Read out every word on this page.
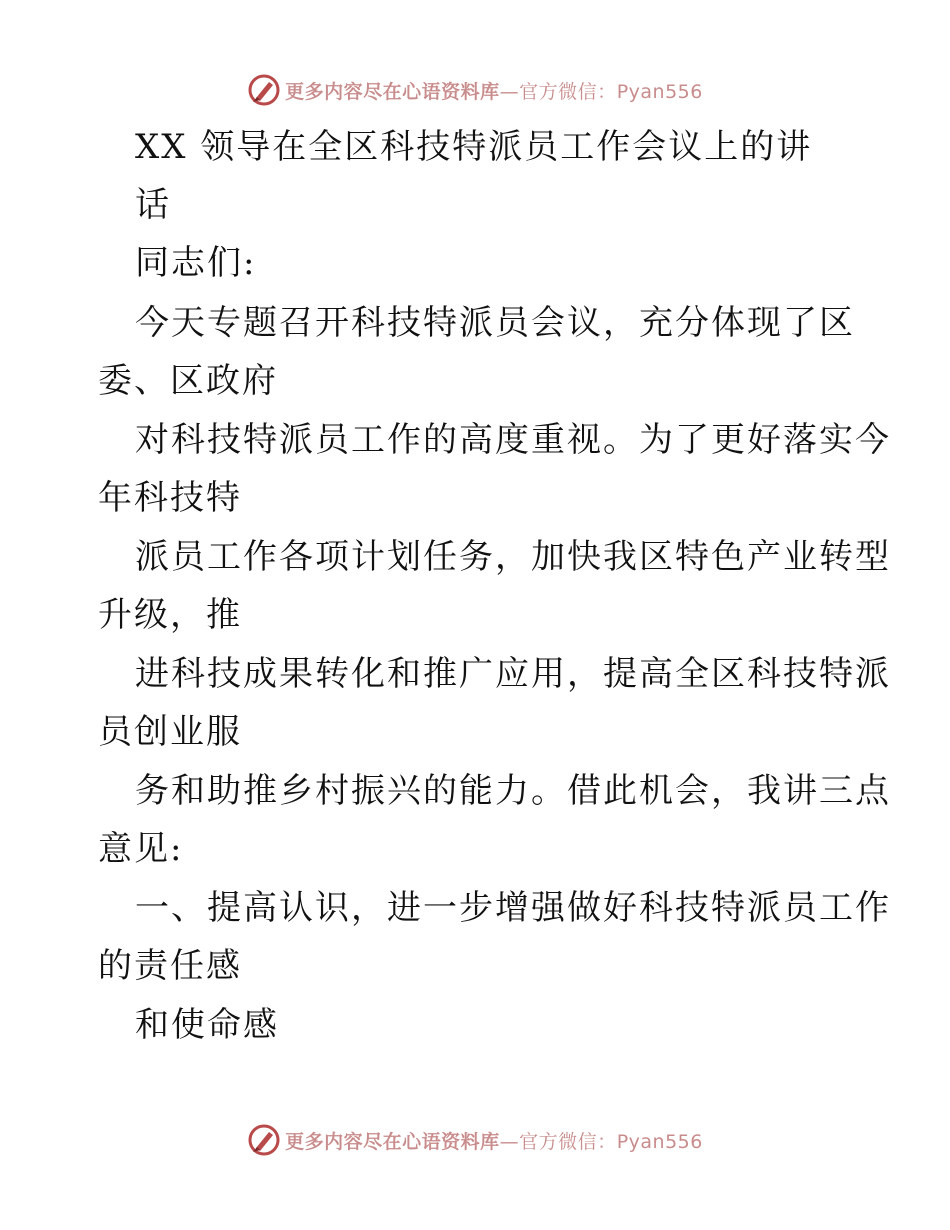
更多内容尽在心语资料库—官方微信：Pyan556
XX 领导在全区科技特派员工作会议上的讲
话
同志们:
今天专题召开科技特派员会议，充分体现了区
委、区政府
对科技特派员工作的高度重视。为了更好落实今
年科技特
派员工作各项计划任务，加快我区特色产业转型
升级，推
进科技成果转化和推广应用，提高全区科技特派
员创业服
务和助推乡村振兴的能力。借此机会，我讲三点
意见:
一、提高认识，进一步增强做好科技特派员工作
的责任感
和使命感
更多内容尽在心语资料库—官方微信：Pyan556
